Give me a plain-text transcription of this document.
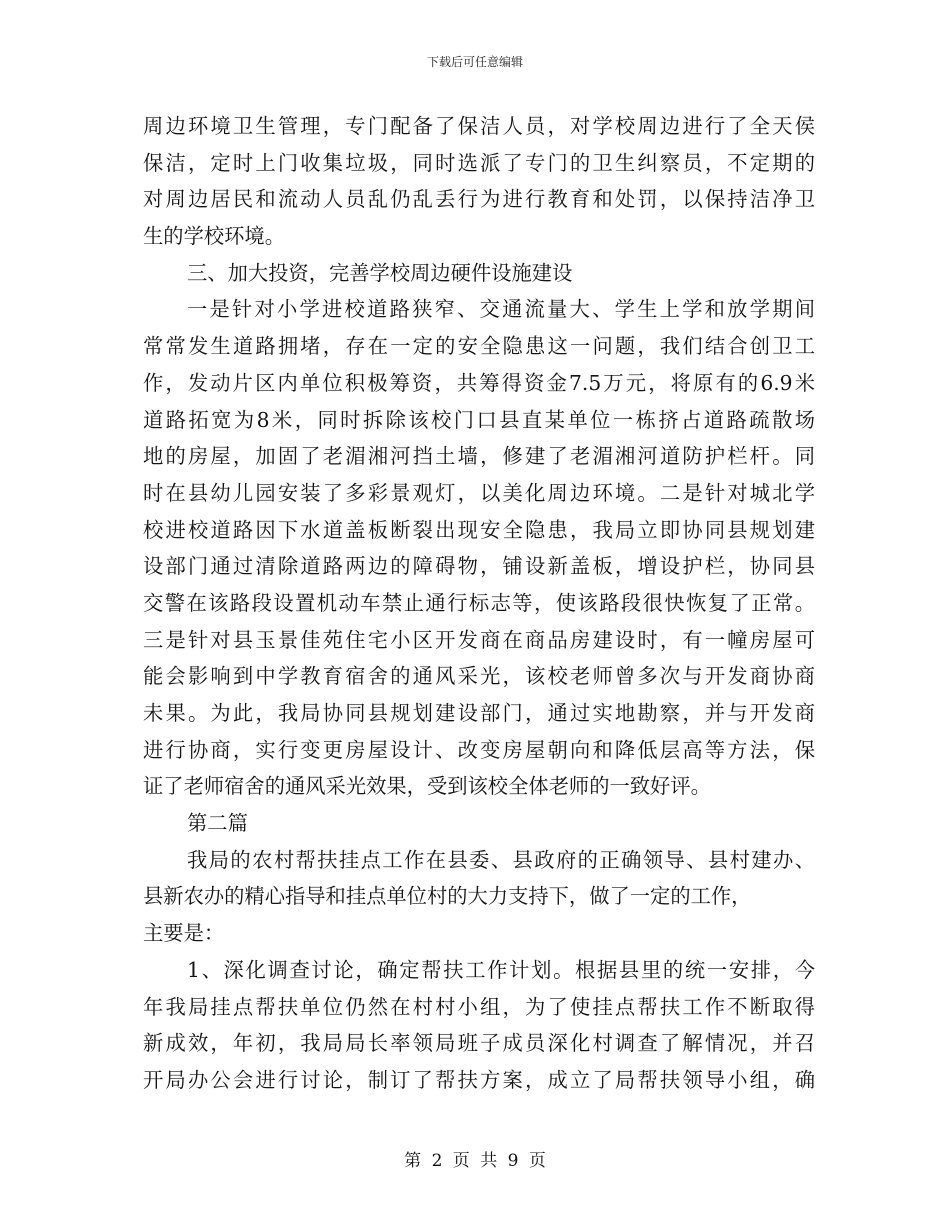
下载后可任意编辑
周边环境卫生管理，专门配备了保洁人员，对学校周边进行了全天侯
保洁，定时上门收集垃圾，同时选派了专门的卫生纠察员，不定期的
对周边居民和流动人员乱仍乱丢行为进行教育和处罚，以保持洁净卫
生的学校环境。
三、加大投资，完善学校周边硬件设施建设
一是针对小学进校道路狭窄、交通流量大、学生上学和放学期间
常常发生道路拥堵，存在一定的安全隐患这一问题，我们结合创卫工
作，发动片区内单位积极筹资，共筹得资金7.5万元，将原有的6.9米
道路拓宽为8米，同时拆除该校门口县直某单位一栋挤占道路疏散场
地的房屋，加固了老湄湘河挡土墙，修建了老湄湘河道防护栏杆。同
时在县幼儿园安装了多彩景观灯，以美化周边环境。二是针对城北学
校进校道路因下水道盖板断裂出现安全隐患，我局立即协同县规划建
设部门通过清除道路两边的障碍物，铺设新盖板，增设护栏，协同县
交警在该路段设置机动车禁止通行标志等，使该路段很快恢复了正常。
三是针对县玉景佳苑住宅小区开发商在商品房建设时，有一幢房屋可
能会影响到中学教育宿舍的通风采光，该校老师曾多次与开发商协商
未果。为此，我局协同县规划建设部门，通过实地勘察，并与开发商
进行协商，实行变更房屋设计、改变房屋朝向和降低层高等方法，保
证了老师宿舍的通风采光效果，受到该校全体老师的一致好评。
第二篇
我局的农村帮扶挂点工作在县委、县政府的正确领导、县村建办、
县新农办的精心指导和挂点单位村的大力支持下，做了一定的工作，
主要是：
1、深化调查讨论，确定帮扶工作计划。根据县里的统一安排，今
年我局挂点帮扶单位仍然在村村小组，为了使挂点帮扶工作不断取得
新成效，年初，我局局长率领局班子成员深化村调查了解情况，并召
开局办公会进行讨论，制订了帮扶方案，成立了局帮扶领导小组，确
第 2 页 共 9 页
